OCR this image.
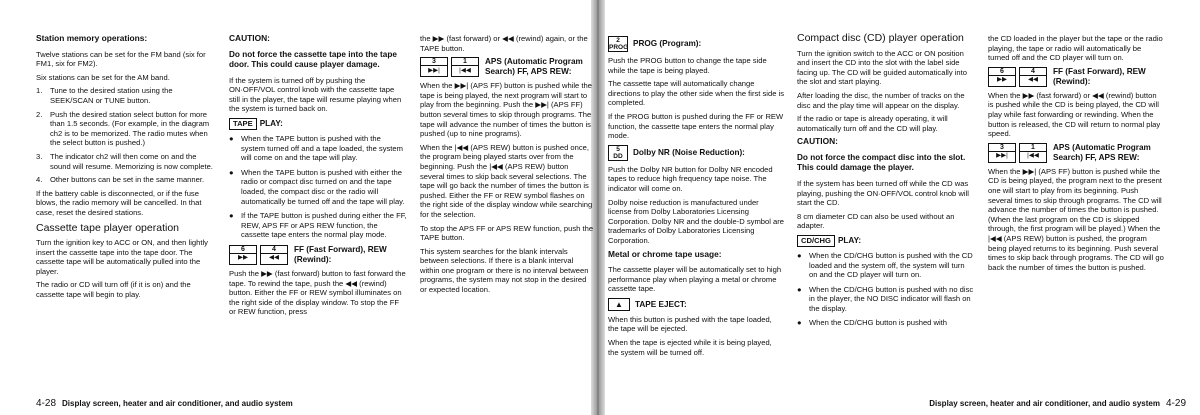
Station memory operations:

Twelve stations can be set for the FM band (six for FM1, six for FM2).

Six stations can be set for the AM band.

1.	Tune to the desired station using the SEEK/SCAN or TUNE button.
2.	Push the desired station select button for more than 1.5 seconds. (For example, in the diagram ch2 is to be memorized. The radio mutes when the select button is pushed.)
3.	The indicator ch2 will then come on and the sound will resume. Memorizing is now complete.
4.	Other buttons can be set in the same manner.

If the battery cable is disconnected, or if the fuse blows, the radio memory will be cancelled. In that case, reset the desired stations.

Cassette tape player operation

Turn the ignition key to ACC or ON, and then lightly insert the cassette tape into the tape door. The cassette tape will be automatically pulled into the player.

The radio or CD will turn off (if it is on) and the cassette tape will begin to play.

CAUTION:
Do not force the cassette tape into the tape door. This could cause player damage.

If the system is turned off by pushing the ON·OFF/VOL control knob with the cassette tape still in the player, the tape will resume playing when the system is turned back on.

TAPE PLAY:
● When the TAPE button is pushed with the system turned off and a tape loaded, the system will come on and the tape will play.
● When the TAPE button is pushed with either the radio or compact disc turned on and the tape loaded, the compact disc or the radio will automatically be turned off and the tape will play.
● If the TAPE button is pushed during either the FF, REW, APS FF or APS REW function, the cassette tape enters the normal play mode.
6
▶▶
4
◀◀
FF (Fast Forward), REW (Rewind):

Push the ▶▶ (fast forward) button to fast forward the tape. To rewind the tape, push the ◀◀ (rewind) button. Either the FF or REW symbol illuminates on the right side of the display window. To stop the FF or REW function, press

the ▶▶ (fast forward) or ◀◀ (rewind) again, or the TAPE button.

3
▶▶|
1
|◀◀
APS (Automatic Program Search) FF, APS REW:

When the ▶▶| (APS FF) button is pushed while the tape is being played, the next program will start to play from the beginning. Push the ▶▶| (APS FF) button several times to skip through programs. The tape will advance the number of times the button is pushed (up to nine programs).

When the |◀◀ (APS REW) button is pushed once, the program being played starts over from the beginning. Push the |◀◀ (APS REW) button several times to skip back several selections. The tape will go back the number of times the button is pushed. Either the FF or REW symbol flashes on the right side of the display window while searching for the selection.

To stop the APS FF or APS REW function, push the TAPE button.

This system searches for the blank intervals between selections. If there is a blank interval within one program or there is no interval between programs, the system may not stop in the desired or expected location.

2
PROG PROG (Program):

Push the PROG button to change the tape side while the tape is being played.

The cassette tape will automatically change directions to play the other side when the first side is completed.

If the PROG button is pushed during the FF or REW function, the cassette tape enters the normal play mode.

5
DD	Dolby NR (Noise Reduction):

Push the Dolby NR button for Dolby NR encoded tapes to reduce high frequency tape noise. The indicator will come on.

Dolby noise reduction is manufactured under license from Dolby Laboratories Licensing Corporation. Dolby NR and the double-D symbol are trademarks of Dolby Laboratories Licensing Corporation.

Metal or chrome tape usage:

The cassette player will be automatically set to high performance play when playing a metal or chrome cassette tape.

▲	TAPE EJECT:

When this button is pushed with the tape loaded, the tape will be ejected.

When the tape is ejected while it is being played, the system will be turned off.

Compact disc (CD) player operation

Turn the ignition switch to the ACC or ON position and insert the CD into the slot with the label side facing up. The CD will be guided automatically into the slot and start playing.

After loading the disc, the number of tracks on the disc and the play time will appear on the display.

If the radio or tape is already operating, it will automatically turn off and the CD will play.

CAUTION:
Do not force the compact disc into the slot. This could damage the player.

If the system has been turned off while the CD was playing, pushing the ON·OFF/VOL control knob will start the CD.

8 cm diameter CD can also be used without an adapter.

CD/CHG PLAY:
● When the CD/CHG button is pushed with the CD loaded and the system off, the system will turn on and the CD player will turn on.
● When the CD/CHG button is pushed with no disc in the player, the NO DISC indicator will flash on the display.
● When the CD/CHG button is pushed with

the CD loaded in the player but the tape or the radio playing, the tape or radio will automatically be turned off and the CD player will turn on.

6
▶▶
4
◀◀
FF (Fast Forward), REW (Rewind):

When the ▶▶ (fast forward) or ◀◀ (rewind) button is pushed while the CD is being played, the CD will play while fast forwarding or rewinding. When the button is released, the CD will return to normal play speed.

3
▶▶|
1
|◀◀
APS (Automatic Program Search) FF, APS REW:

When the ▶▶| (APS FF) button is pushed while the CD is being played, the program next to the present one will start to play from its beginning. Push several times to skip through programs. The CD will advance the number of times the button is pushed. (When the last program on the CD is skipped through, the first program will be played.) When the |◀◀ (APS REW) button is pushed, the program being played returns to its beginning. Push several times to skip back through programs. The CD will go back the number of times the button is pushed.

4-28 Display screen, heater and air conditioner, and audio system	Display screen, heater and air conditioner, and audio system 4-29
